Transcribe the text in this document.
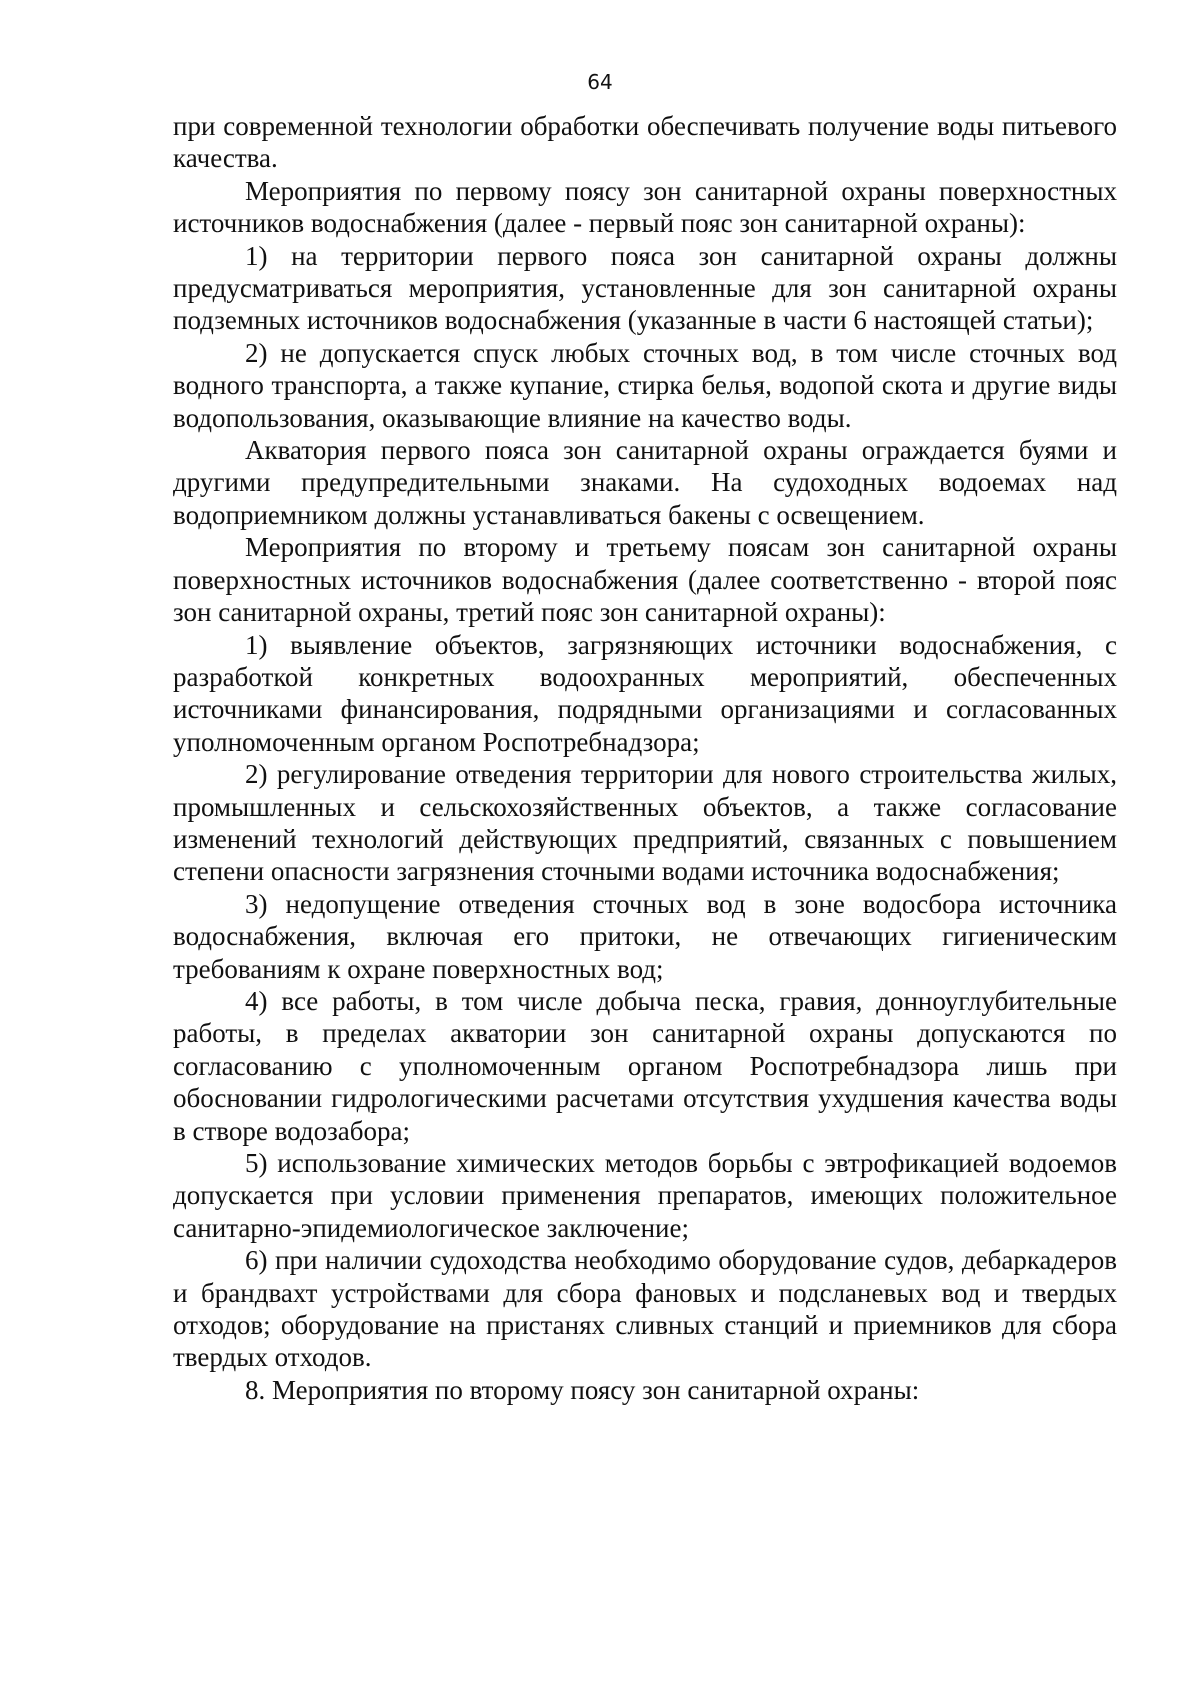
64

при современной технологии обработки обеспечивать получение воды питьевого качества.

Мероприятия по первому поясу зон санитарной охраны поверхностных источников водоснабжения (далее - первый пояс зон санитарной охраны):

1) на территории первого пояса зон санитарной охраны должны предусматриваться мероприятия, установленные для зон санитарной охраны подземных источников водоснабжения (указанные в части 6 настоящей статьи);

2) не допускается спуск любых сточных вод, в том числе сточных вод водного транспорта, а также купание, стирка белья, водопой скота и другие виды водопользования, оказывающие влияние на качество воды.

Акватория первого пояса зон санитарной охраны ограждается буями и другими предупредительными знаками. На судоходных водоемах над водоприемником должны устанавливаться бакены с освещением.

Мероприятия по второму и третьему поясам зон санитарной охраны поверхностных источников водоснабжения (далее соответственно - второй пояс зон санитарной охраны, третий пояс зон санитарной охраны):

1) выявление объектов, загрязняющих источники водоснабжения, с разработкой конкретных водоохранных мероприятий, обеспеченных источниками финансирования, подрядными организациями и согласованных уполномоченным органом Роспотребнадзора;

2) регулирование отведения территории для нового строительства жилых, промышленных и сельскохозяйственных объектов, а также согласование изменений технологий действующих предприятий, связанных с повышением степени опасности загрязнения сточными водами источника водоснабжения;

3) недопущение отведения сточных вод в зоне водосбора источника водоснабжения, включая его притоки, не отвечающих гигиеническим требованиям к охране поверхностных вод;

4) все работы, в том числе добыча песка, гравия, донноуглубительные работы, в пределах акватории зон санитарной охраны допускаются по согласованию с уполномоченным органом Роспотребнадзора лишь при обосновании гидрологическими расчетами отсутствия ухудшения качества воды в створе водозабора;

5) использование химических методов борьбы с эвтрофикацией водоемов допускается при условии применения препаратов, имеющих положительное санитарно-эпидемиологическое заключение;

6) при наличии судоходства необходимо оборудование судов, дебаркадеров и брандвахт устройствами для сбора фановых и подсланевых вод и твердых отходов; оборудование на пристанях сливных станций и приемников для сбора твердых отходов.

8. Мероприятия по второму поясу зон санитарной охраны:
